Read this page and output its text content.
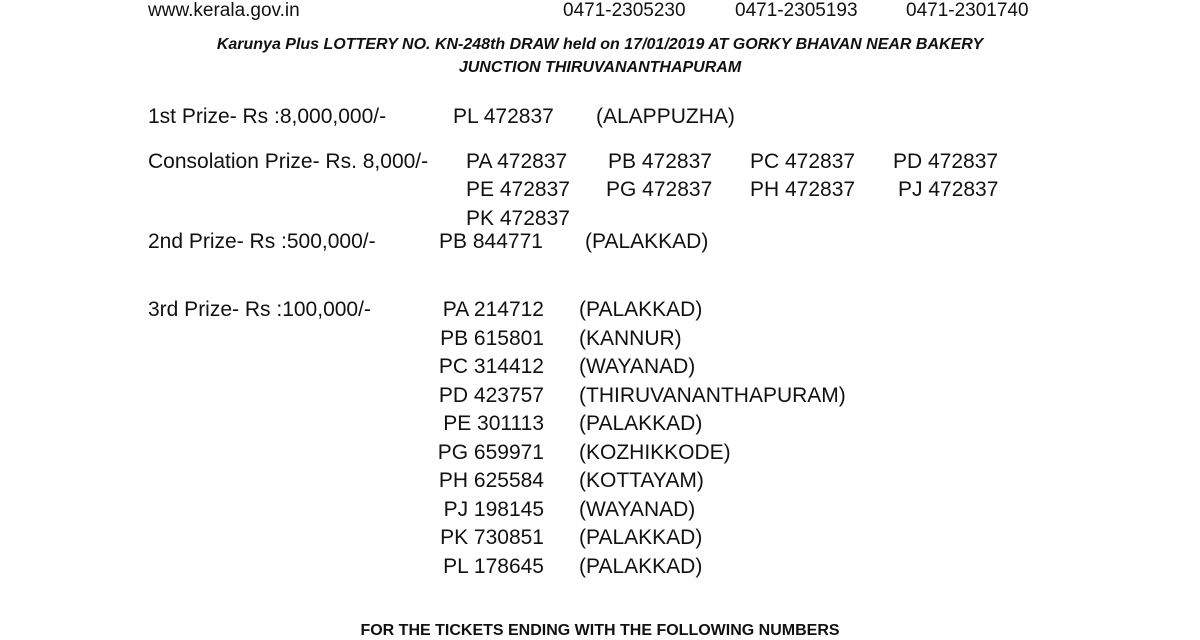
www.kerala.gov.in	0471-2305230	0471-2305193	0471-2301740
Karunya Plus LOTTERY NO. KN-248th DRAW held on 17/01/2019 AT GORKY BHAVAN NEAR BAKERY
JUNCTION THIRUVANANTHAPURAM
1st Prize- Rs :8,000,000/-	PL 472837 (ALAPPUZHA)
Consolation Prize- Rs. 8,000/- PA 472837 PB 472837 PC 472837 PD 472837
PE 472837 PG 472837 PH 472837 PJ 472837
PK 472837
2nd Prize- Rs :500,000/-	PB 844771 (PALAKKAD)
3rd Prize- Rs :100,000/-	PA 214712 (PALAKKAD)
PB 615801 (KANNUR)
PC 314412 (WAYANAD)
PD 423757 (THIRUVANANTHAPURAM)
PE 301113 (PALAKKAD)
PG 659971 (KOZHIKKODE)
PH 625584 (KOTTAYAM)
PJ 198145 (WAYANAD)
PK 730851 (PALAKKAD)
PL 178645 (PALAKKAD)
FOR THE TICKETS ENDING WITH THE FOLLOWING NUMBERS
